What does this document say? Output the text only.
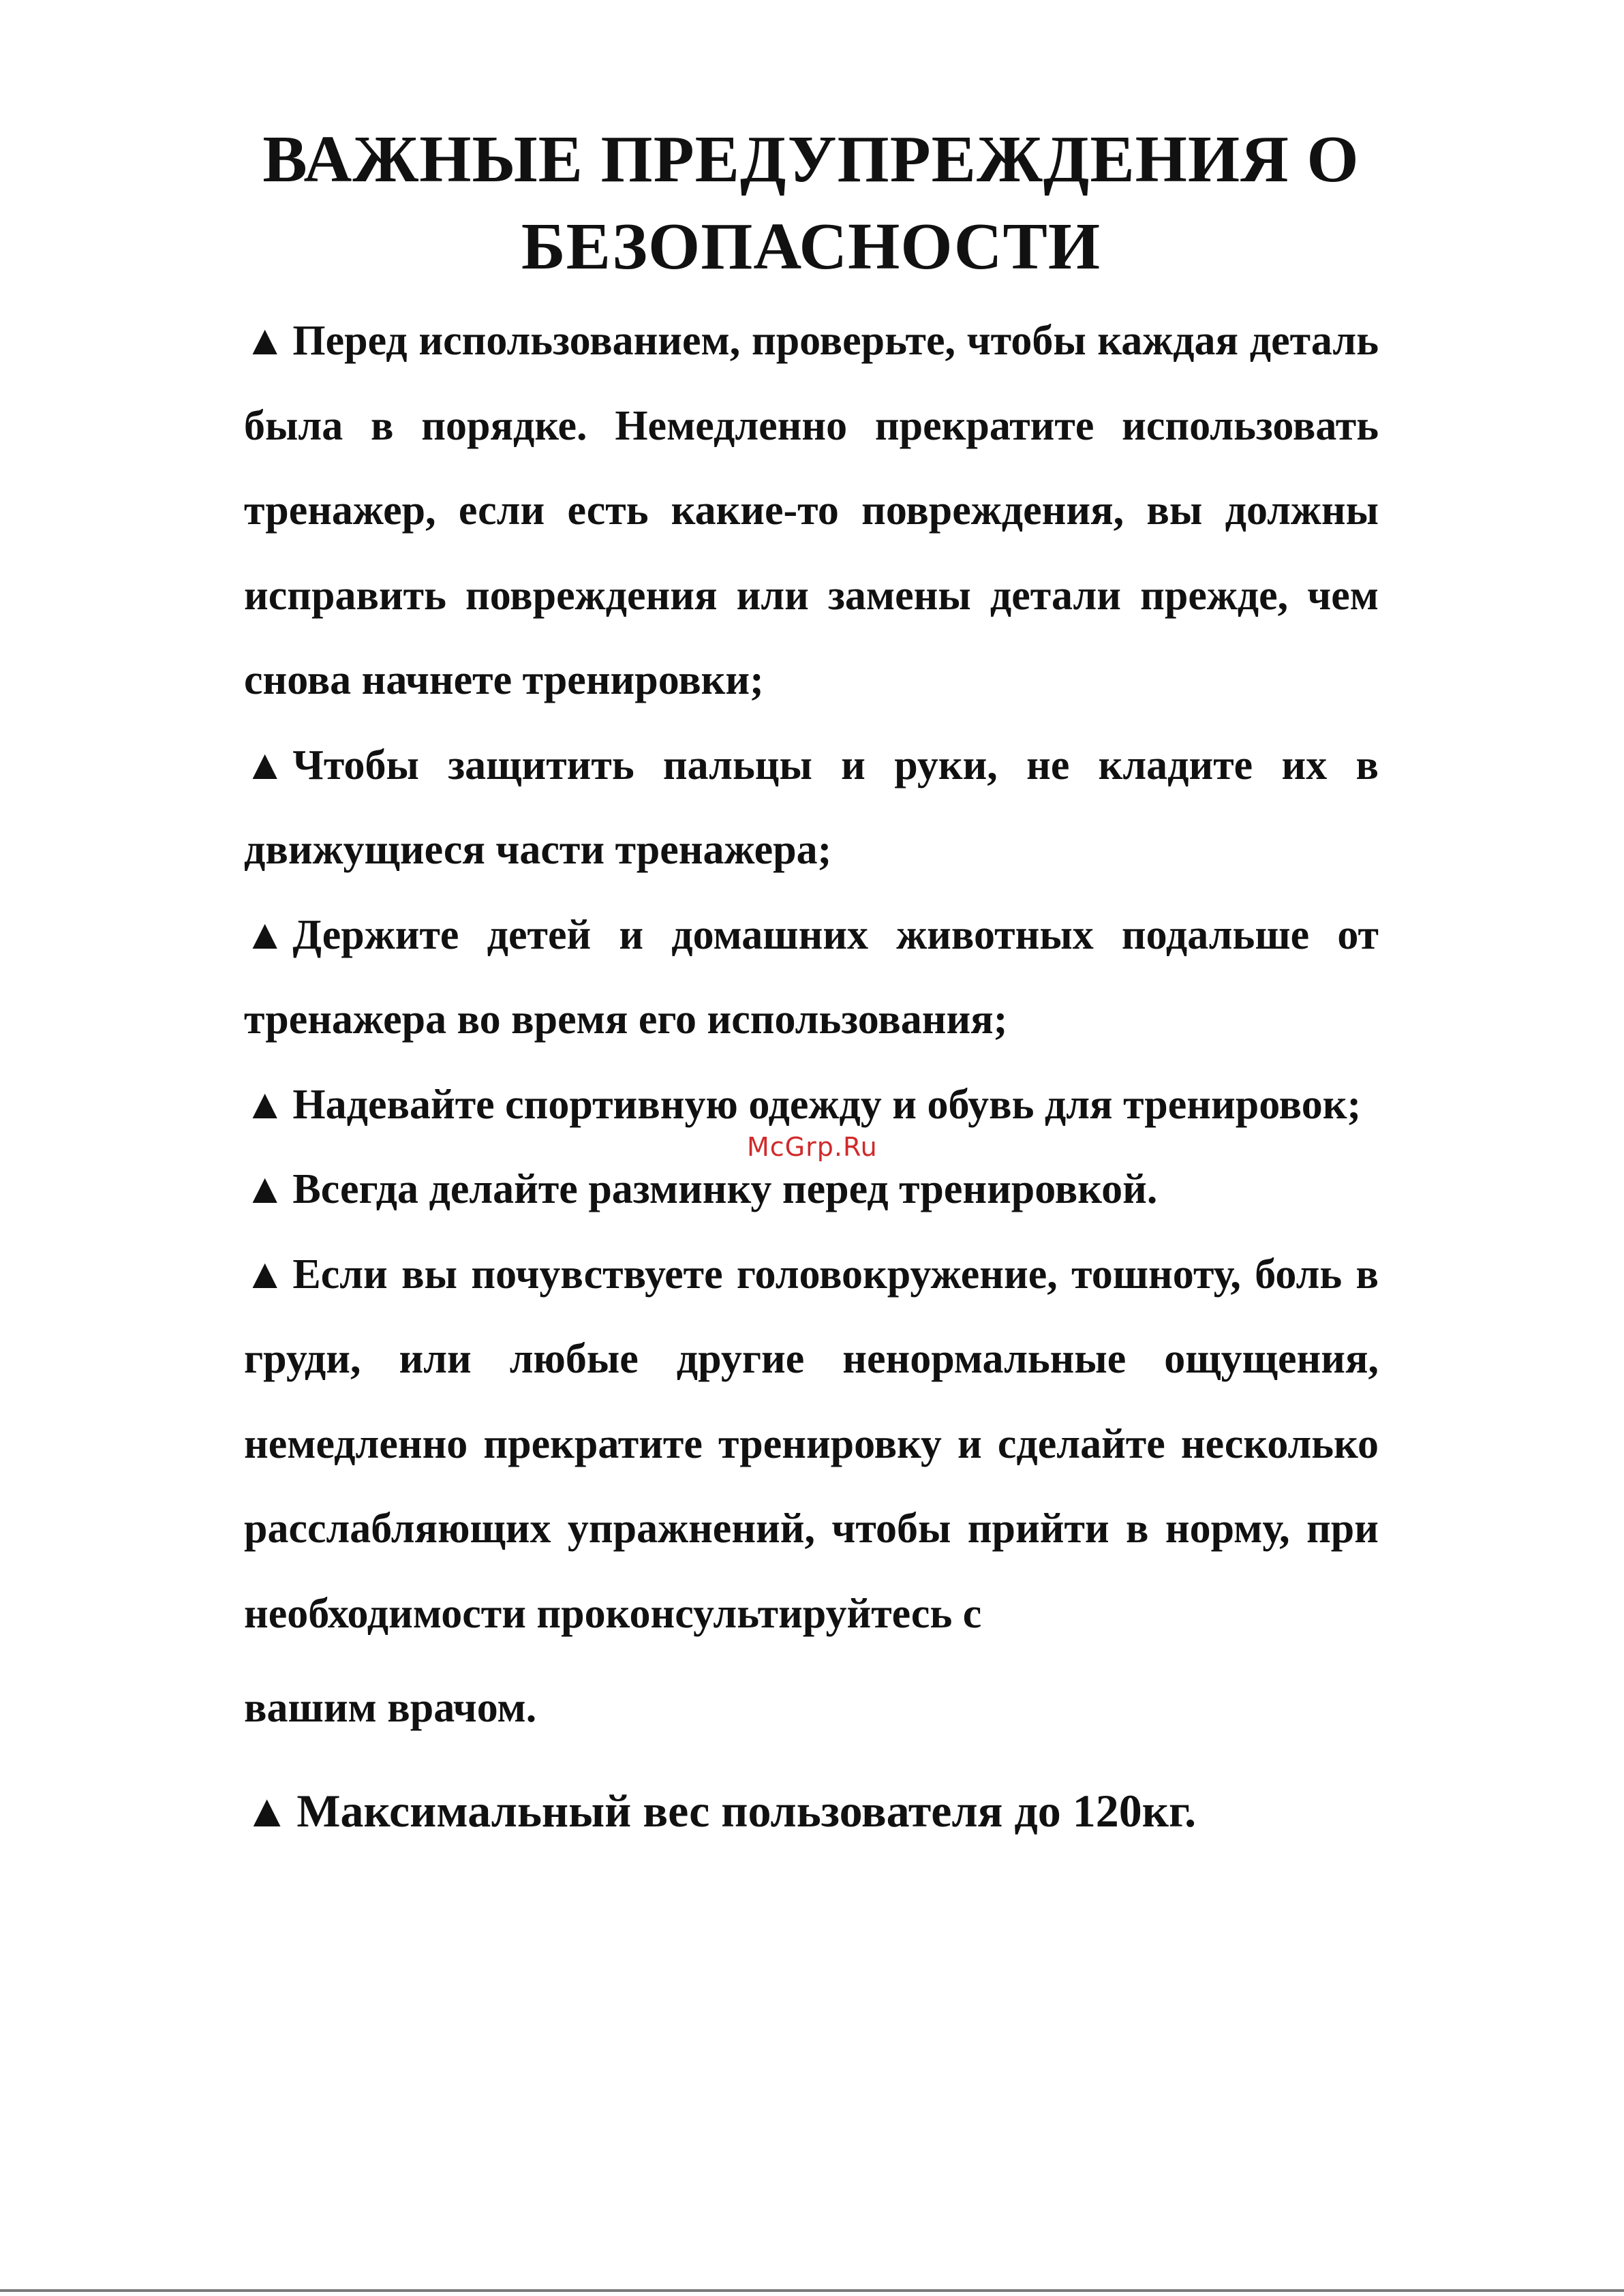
ВАЖНЫЕ ПРЕДУПРЕЖДЕНИЯ О
БЕЗОПАСНОСТИ

▲ Перед использованием, проверьте, чтобы каждая деталь была в порядке. Немедленно прекратите использовать тренажер, если есть какие-то повреждения, вы должны исправить повреждения или замены детали прежде, чем снова начнете тренировки;

▲ Чтобы защитить пальцы и руки, не кладите их в движущиеся части тренажера;

▲ Держите детей и домашних животных подальше от тренажера во время его использования;

▲ Надевайте спортивную одежду и обувь для тренировок;

▲ Всегда делайте разминку перед тренировкой.

▲ Если вы почувствуете головокружение, тошноту, боль в груди, или любые другие ненормальные ощущения, немедленно прекратите тренировку и сделайте несколько расслабляющих упражнений, чтобы прийти в норму, при необходимости проконсультируйтесь с

вашим врачом.

▲ Максимальный вес пользователя до 120кг.

McGrp.Ru
